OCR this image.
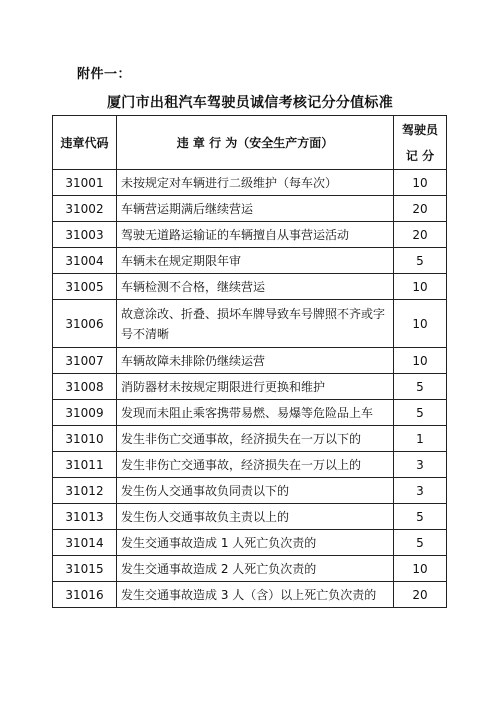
附件一：
厦门市出租汽车驾驶员诚信考核记分分值标准
违章代码	违 章 行 为（安全生产方面）	驾驶员
记 分

31001	未按规定对车辆进行二级维护（每车次）	10
31002	车辆营运期满后继续营运	20
31003	驾驶无道路运输证的车辆擅自从事营运活动	20
31004	车辆未在规定期限年审	5
31005	车辆检测不合格，继续营运	10
31006	故意涂改、折叠、损坏车牌导致车号牌照不齐或字号不清晰	10
31007	车辆故障未排除仍继续运营	10
31008	消防器材未按规定期限进行更换和维护	5
31009	发现而未阻止乘客携带易燃、易爆等危险品上车	5
31010	发生非伤亡交通事故，经济损失在一万以下的	1
31011	发生非伤亡交通事故，经济损失在一万以上的	3
31012	发生伤人交通事故负同责以下的	3
31013	发生伤人交通事故负主责以上的	5
31014	发生交通事故造成 1 人死亡负次责的	5
31015	发生交通事故造成 2 人死亡负次责的	10
31016	发生交通事故造成 3 人（含）以上死亡负次责的	20
